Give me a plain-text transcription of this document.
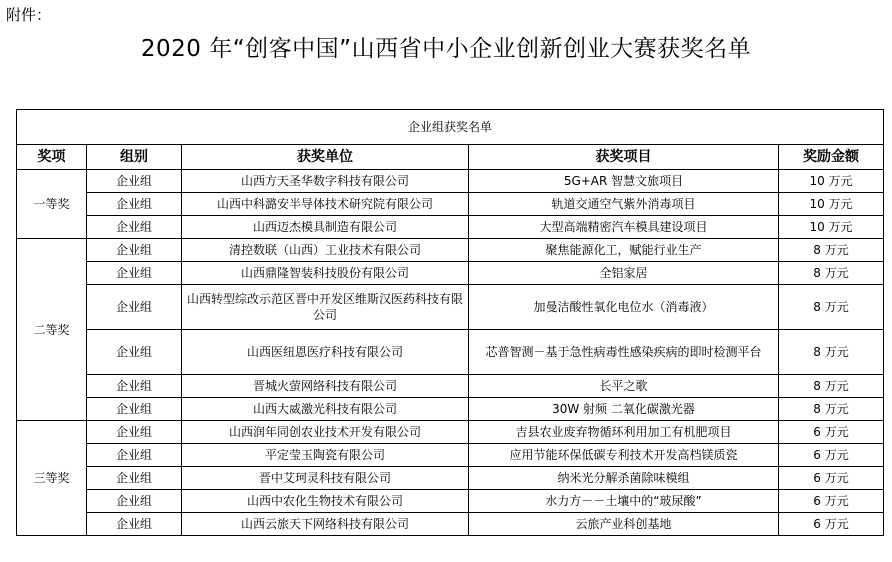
附件：
2020 年“创客中国”山西省中小企业创新创业大赛获奖名单
企业组获奖名单				
奖项	组别	获奖单位	获奖项目	奖励金额
一等奖	企业组	山西方天圣华数字科技有限公司	5G+AR 智慧文旅项目	10 万元
	企业组	山西中科潞安半导体技术研究院有限公司	轨道交通空气紫外消毒项目	10 万元
	企业组	山西迈杰模具制造有限公司	大型高端精密汽车模具建设项目	10 万元
二等奖	企业组	清控数联（山西）工业技术有限公司	聚焦能源化工，赋能行业生产	8 万元
	企业组	山西鼎隆智装科技股份有限公司	全铝家居	8 万元
	企业组	山西转型综改示范区晋中开发区维斯汉医药科技有限公司	加曼洁酸性氧化电位水（消毒液）	8 万元
	企业组	山西医纽恩医疗科技有限公司	芯普智测－基于急性病毒性感染疾病的即时检测平台	8 万元
	企业组	晋城火萤网络科技有限公司	长平之歌	8 万元
	企业组	山西大威激光科技有限公司	30W 射频 二氧化碳激光器	8 万元
三等奖	企业组	山西润年同创农业技术开发有限公司	吉县农业废弃物循环利用加工有机肥项目	6 万元
	企业组	平定莹玉陶瓷有限公司	应用节能环保低碳专利技术开发高档镁质瓷	6 万元
	企业组	晋中艾珂灵科技有限公司	纳米光分解杀菌除味模组	6 万元
	企业组	山西中农化生物技术有限公司	水力方－－土壤中的“玻尿酸”	6 万元
	企业组	山西云旅天下网络科技有限公司	云旅产业科创基地	6 万元
